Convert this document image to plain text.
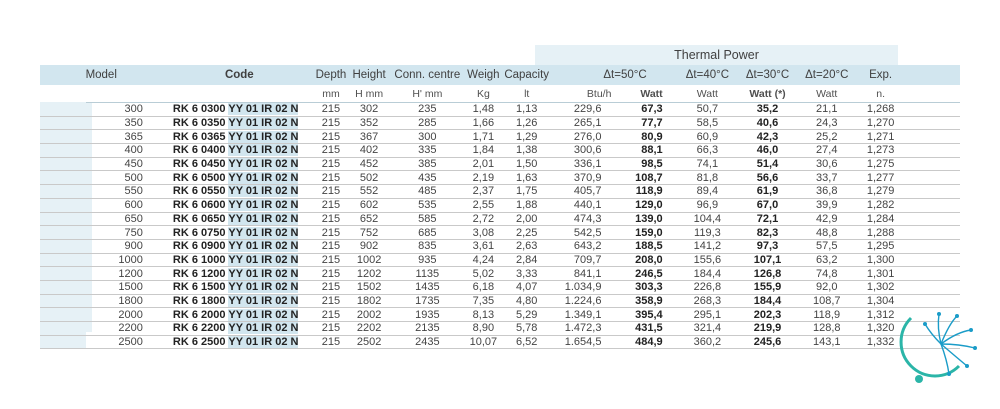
Thermal Power
	Model	Code	Depth	Height	Conn. centre	Weigh	Capacity	Δt=50°C		Δt=40°C	Δt=30°C	Δt=20°C	Exp.	
			mm	H mm	H' mm	Kg	lt	Btu/h	Watt	Watt	Watt (*)	Watt	n.	
	300	RK 6 0300 YY 01 IR 02 N	215	302	235	1,48	1,13	229,6	67,3	50,7	35,2	21,1	1,268	
	350	RK 6 0350 YY 01 IR 02 N	215	352	285	1,66	1,26	265,1	77,7	58,5	40,6	24,3	1,270	
	365	RK 6 0365 YY 01 IR 02 N	215	367	300	1,71	1,29	276,0	80,9	60,9	42,3	25,2	1,271	
	400	RK 6 0400 YY 01 IR 02 N	215	402	335	1,84	1,38	300,6	88,1	66,3	46,0	27,4	1,273	
	450	RK 6 0450 YY 01 IR 02 N	215	452	385	2,01	1,50	336,1	98,5	74,1	51,4	30,6	1,275	
	500	RK 6 0500 YY 01 IR 02 N	215	502	435	2,19	1,63	370,9	108,7	81,8	56,6	33,7	1,277	
	550	RK 6 0550 YY 01 IR 02 N	215	552	485	2,37	1,75	405,7	118,9	89,4	61,9	36,8	1,279	
	600	RK 6 0600 YY 01 IR 02 N	215	602	535	2,55	1,88	440,1	129,0	96,9	67,0	39,9	1,282	
	650	RK 6 0650 YY 01 IR 02 N	215	652	585	2,72	2,00	474,3	139,0	104,4	72,1	42,9	1,284	
	750	RK 6 0750 YY 01 IR 02 N	215	752	685	3,08	2,25	542,5	159,0	119,3	82,3	48,8	1,288	
	900	RK 6 0900 YY 01 IR 02 N	215	902	835	3,61	2,63	643,2	188,5	141,2	97,3	57,5	1,295	
	1000	RK 6 1000 YY 01 IR 02 N	215	1002	935	4,24	2,84	709,7	208,0	155,6	107,1	63,2	1,300	
	1200	RK 6 1200 YY 01 IR 02 N	215	1202	1135	5,02	3,33	841,1	246,5	184,4	126,8	74,8	1,301	
	1500	RK 6 1500 YY 01 IR 02 N	215	1502	1435	6,18	4,07	1.034,9	303,3	226,8	155,9	92,0	1,302	
	1800	RK 6 1800 YY 01 IR 02 N	215	1802	1735	7,35	4,80	1.224,6	358,9	268,3	184,4	108,7	1,304	
	2000	RK 6 2000 YY 01 IR 02 N	215	2002	1935	8,13	5,29	1.349,1	395,4	295,1	202,3	118,9	1,312	
	2200	RK 6 2200 YY 01 IR 02 N	215	2202	2135	8,90	5,78	1.472,3	431,5	321,4	219,9	128,8	1,320	
	2500	RK 6 2500 YY 01 IR 02 N	215	2502	2435	10,07	6,52	1.654,5	484,9	360,2	245,6	143,1	1,332	
